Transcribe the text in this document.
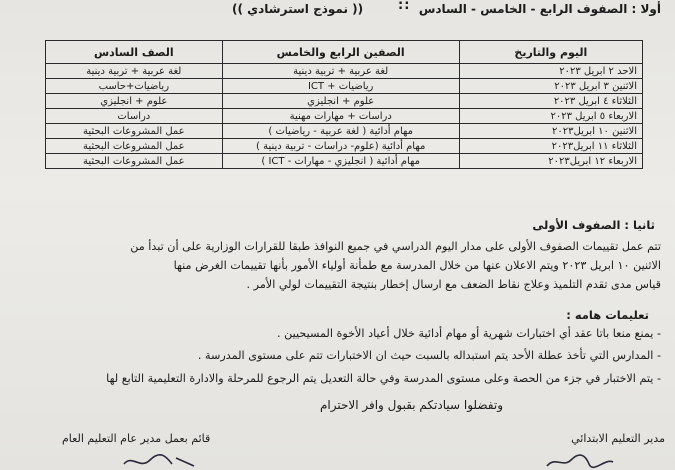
أولا : الصفوف الرابع - الخامس - السادس
::
(( نموذج استرشادي ))
اليوم والتاريخ	الصفين الرابع والخامس	الصف السادس
الاحد ٢ ابريل ٢٠٢٣	لغة عربية + تربية دينية	لغة عربية + تربية دينية
الاثنين ٣ ابريل ٢٠٢٣	رياضيات + ICT	رياضيات+حاسب
الثلاثاء ٤ ابريل ٢٠٢٣	علوم + انجليزي	علوم + انجليزي
الاربعاء ٥ ابريل ٢٠٢٣	دراسات + مهارات مهنية	دراسات
الاثنين ١٠ ابريل٢٠٢٣	مهام أدائية ( لغة عربية - رياضيات )	عمل المشروعات البحثية
الثلاثاء ١١ ابريل٢٠٢٣	مهام أدائية (علوم- دراسات - تربية دينية )	عمل المشروعات البحثية
الاربعاء ١٢ ابريل٢٠٢٣	مهام أدائية ( انجليزي - مهارات - ICT )	عمل المشروعات البحثية
ثانيا : الصفوف الأولى
تتم عمل تقييمات الصفوف الأولى على مدار اليوم الدراسي في جميع النوافذ طبقا للقرارات الوزارية على أن تبدأ من
الاثنين ١٠ ابريل ٢٠٢٣ ويتم الاعلان عنها من خلال المدرسة مع طمأنة أولياء الأمور بأنها تقييمات الغرض منها
قياس مدى تقدم التلميذ وعلاج نقاط الضعف مع ارسال إخطار بنتيجة التقييمات لولي الأمر .
تعليمات هامه :
- يمنع منعا باتا عقد أي اختبارات شهرية أو مهام أدائية خلال أعياد الأخوة المسيحيين .
- المدارس التي تأخذ عطلة الأحد يتم استبداله بالسبت حيث ان الاختبارات تتم على مستوى المدرسة .
- يتم الاختبار في جزء من الحصة وعلى مستوى المدرسة وفي حالة التعديل يتم الرجوع للمرحلة والادارة التعليمية التابع لها
وتفضلوا سيادتكم بقبول وافر الاحترام
مدير التعليم الابتدائي
قائم بعمل مدير عام التعليم العام
